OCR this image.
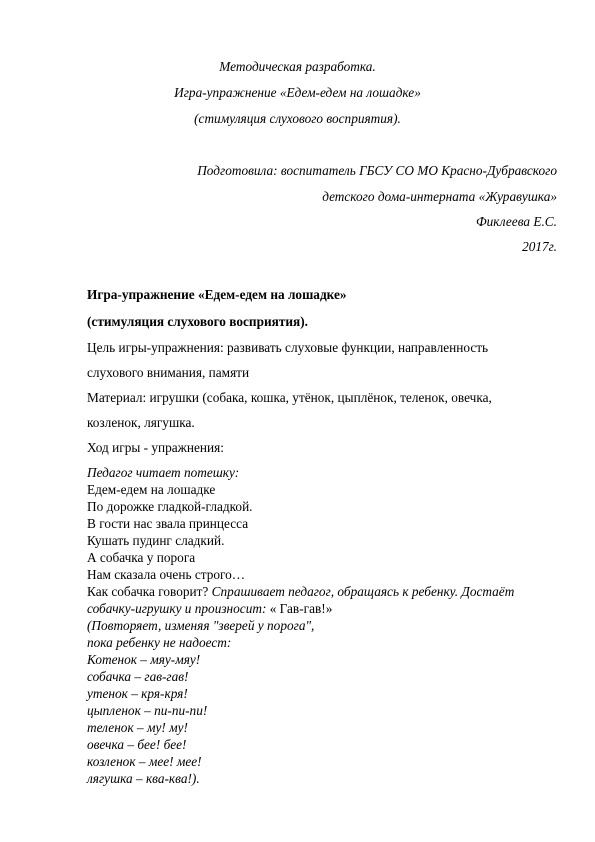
Методическая разработка.
Игра-упражнение «Едем-едем на лошадке»
(стимуляция слухового восприятия).
Подготовила: воспитатель ГБСУ СО МО Красно-Дубравского
детского дома-интерната «Журавушка»
Фиклеева Е.С.
2017г.
Игра-упражнение «Едем-едем на лошадке»
(стимуляция слухового восприятия).
Цель игры-упражнения: развивать слуховые функции, направленность
слухового внимания, памяти
Материал: игрушки (собака, кошка, утёнок, цыплёнок, теленок, овечка,
козленок, лягушка.
Ход игры - упражнения:
Педагог читает потешку:
Едем-едем на лошадке
По дорожке гладкой-гладкой.
В гости нас звала принцесса
Кушать пудинг сладкий.
А собачка у порога
Нам сказала очень строго…
Как собачка говорит? Спрашивает педагог, обращаясь к ребенку. Достаёт
собачку-игрушку и произносит: « Гав-гав!»
(Повторяет, изменяя "зверей у порога",
пока ребенку не надоест:
Котенок – мяу-мяу!
собачка – гав-гав!
утенок – кря-кря!
цыпленок – пи-пи-пи!
теленок – му! му!
овечка – бее! бее!
козленок – мее! мее!
лягушка – ква-ква!).
